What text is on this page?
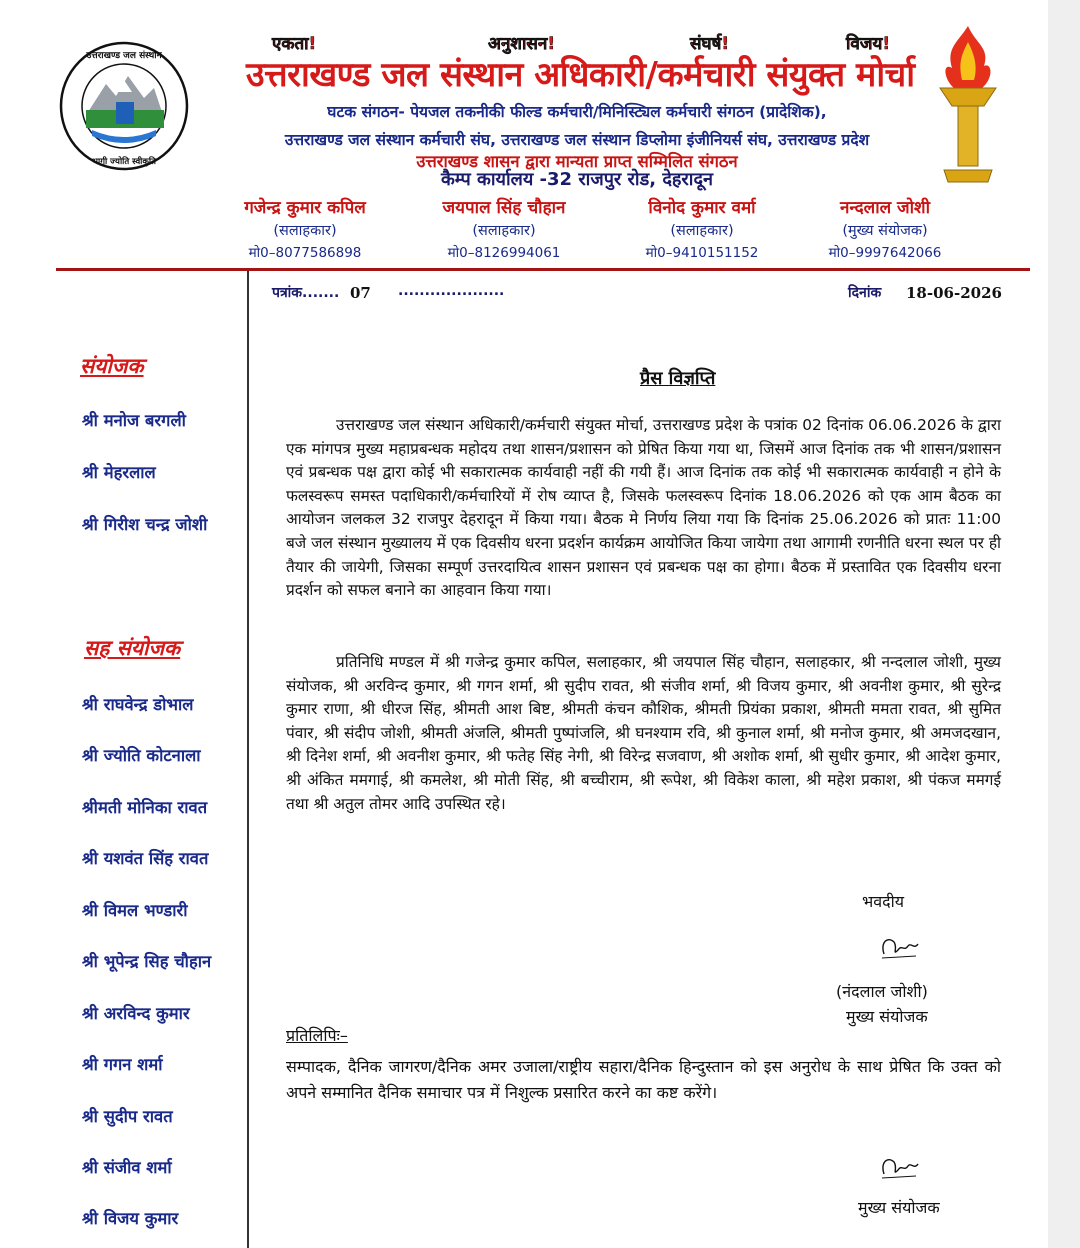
भागी ज्योति स्वीकृति
उत्तराखण्ड जल संस्थान
एकता!	अनुशासन!	संघर्ष!	विजय!
उत्तराखण्ड जल संस्थान अधिकारी/कर्मचारी संयुक्त मोर्चा
घटक संगठन- पेयजल तकनीकी फील्ड कर्मचारी/मिनिस्ट्यिल कर्मचारी संगठन (प्रादेशिक),
उत्तराखण्ड जल संस्थान कर्मचारी संघ, उत्तराखण्ड जल संस्थान डिप्लोमा इंजीनियर्स संघ, उत्तराखण्ड प्रदेश
उत्तराखण्ड शासन द्वारा मान्यता प्राप्त सम्मिलित संगठन
कैम्प कार्यालय -32 राजपुर रोड, देहरादून
गजेन्द्र कुमार कपिल
(सलाहकार)
मो0–8077586898
जयपाल सिंह चौहान
(सलाहकार)
मो0–8126994061
विनोद कुमार वर्मा
(सलाहकार)
मो0–9410151152
नन्दलाल जोशी
(मुख्य संयोजक)
मो0–9997642066
पत्रांक....... 07 ....................	दिनांक 18-06-2026
संयोजक
श्री मनोज बरगली
श्री मेहरलाल
श्री गिरीश चन्द्र जोशी
सह संयोजक
श्री राघवेन्द्र डोभाल
श्री ज्योति कोटनाला
श्रीमती मोनिका रावत
श्री यशवंत सिंह रावत
श्री विमल भण्डारी
श्री भूपेन्द्र सिह चौहान
श्री अरविन्द कुमार
श्री गगन शर्मा
श्री सुदीप रावत
श्री संजीव शर्मा
श्री विजय कुमार
प्रैस विज्ञप्ति
उत्तराखण्ड जल संस्थान अधिकारी/कर्मचारी संयुक्त मोर्चा, उत्तराखण्ड प्रदेश के पत्रांक 02 दिनांक 06.06.2026 के द्वारा एक मांगपत्र मुख्य महाप्रबन्धक महोदय तथा शासन/प्रशासन को प्रेषित किया गया था, जिसमें आज दिनांक तक भी शासन/प्रशासन एवं प्रबन्धक पक्ष द्वारा कोई भी सकारात्मक कार्यवाही नहीं की गयी हैं। आज दिनांक तक कोई भी सकारात्मक कार्यवाही न होने के फलस्वरूप समस्त पदाधिकारी/कर्मचारियों में रोष व्याप्त है, जिसके फलस्वरूप दिनांक 18.06.2026 को एक आम बैठक का आयोजन जलकल 32 राजपुर देहरादून में किया गया। बैठक मे निर्णय लिया गया कि दिनांक 25.06.2026 को प्रातः 11:00 बजे जल संस्थान मुख्यालय में एक दिवसीय धरना प्रदर्शन कार्यक्रम आयोजित किया जायेगा तथा आगामी रणनीति धरना स्थल पर ही तैयार की जायेगी, जिसका सम्पूर्ण उत्तरदायित्व शासन प्रशासन एवं प्रबन्धक पक्ष का होगा। बैठक में प्रस्तावित एक दिवसीय धरना प्रदर्शन को सफल बनाने का आहवान किया गया।
प्रतिनिधि मण्डल में श्री गजेन्द्र कुमार कपिल, सलाहकार, श्री जयपाल सिंह चौहान, सलाहकार, श्री नन्दलाल जोशी, मुख्य संयोजक, श्री अरविन्द कुमार, श्री गगन शर्मा, श्री सुदीप रावत, श्री संजीव शर्मा, श्री विजय कुमार, श्री अवनीश कुमार, श्री सुरेन्द्र कुमार राणा, श्री धीरज सिंह, श्रीमती आश बिष्ट, श्रीमती कंचन कौशिक, श्रीमती प्रियंका प्रकाश, श्रीमती ममता रावत, श्री सुमित पंवार, श्री संदीप जोशी, श्रीमती अंजलि, श्रीमती पुष्पांजलि, श्री घनश्याम रवि, श्री कुनाल शर्मा, श्री मनोज कुमार, श्री अमजदखान, श्री दिनेश शर्मा, श्री अवनीश कुमार, श्री फतेह सिंह नेगी, श्री विरेन्द्र सजवाण, श्री अशोक शर्मा, श्री सुधीर कुमार, श्री आदेश कुमार, श्री अंकित ममगाई, श्री कमलेश, श्री मोती सिंह, श्री बच्चीराम, श्री रूपेश, श्री विकेश काला, श्री महेश प्रकाश, श्री पंकज ममगई तथा श्री अतुल तोमर आदि उपस्थित रहे।
भवदीय
(नंदलाल जोशी)
मुख्य संयोजक
प्रतिलिपिः–
सम्पादक, दैनिक जागरण/दैनिक अमर उजाला/राष्ट्रीय सहारा/दैनिक हिन्दुस्तान को इस अनुरोध के साथ प्रेषित कि उक्त को अपने सम्मानित दैनिक समाचार पत्र में निशुल्क प्रसारित करने का कष्ट करेंगे।
मुख्य संयोजक
